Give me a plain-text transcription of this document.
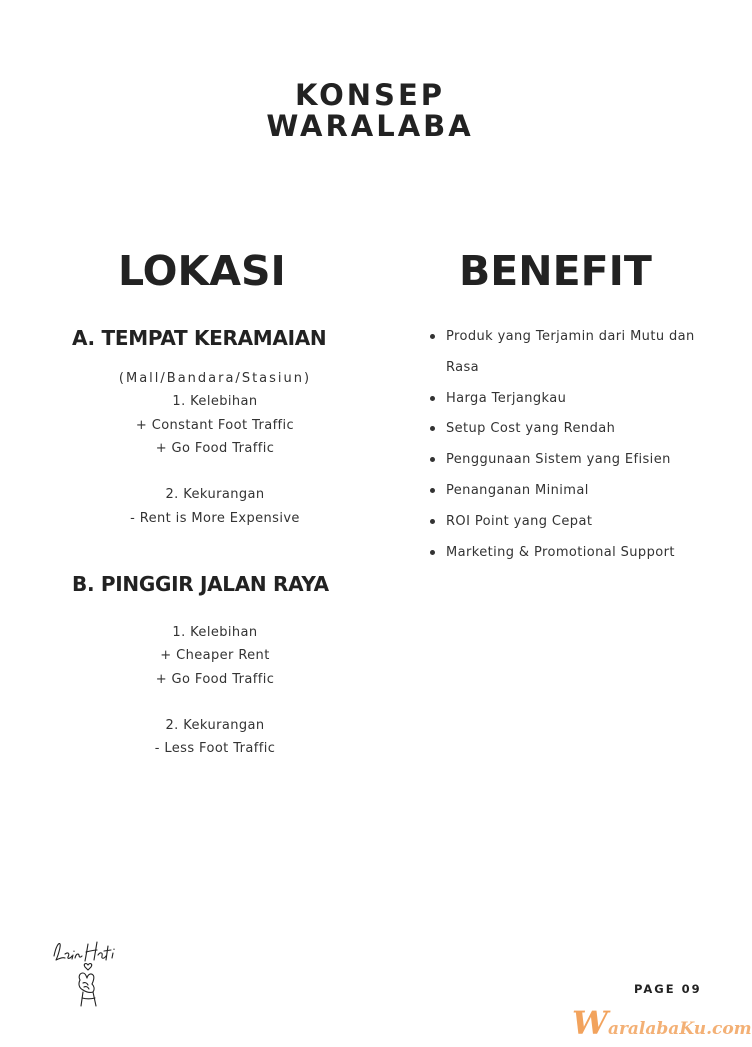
KONSEP
WARALABA
LOKASI	BENEFIT
A. TEMPAT KERAMAIAN
(Mall/Bandara/Stasiun)
1. Kelebihan
+ Constant Foot Traffic
+ Go Food Traffic
2. Kekurangan
- Rent is More Expensive
B. PINGGIR JALAN RAYA
1. Kelebihan
+ Cheaper Rent
+ Go Food Traffic
2. Kekurangan
- Less Foot Traffic
Produk yang Terjamin dari Mutu dan
Rasa
Harga Terjangkau
Setup Cost yang Rendah
Penggunaan Sistem yang Efisien
Penanganan Minimal
ROI Point yang Cepat
Marketing & Promotional Support
PAGE 09
WaralabaKu.com
